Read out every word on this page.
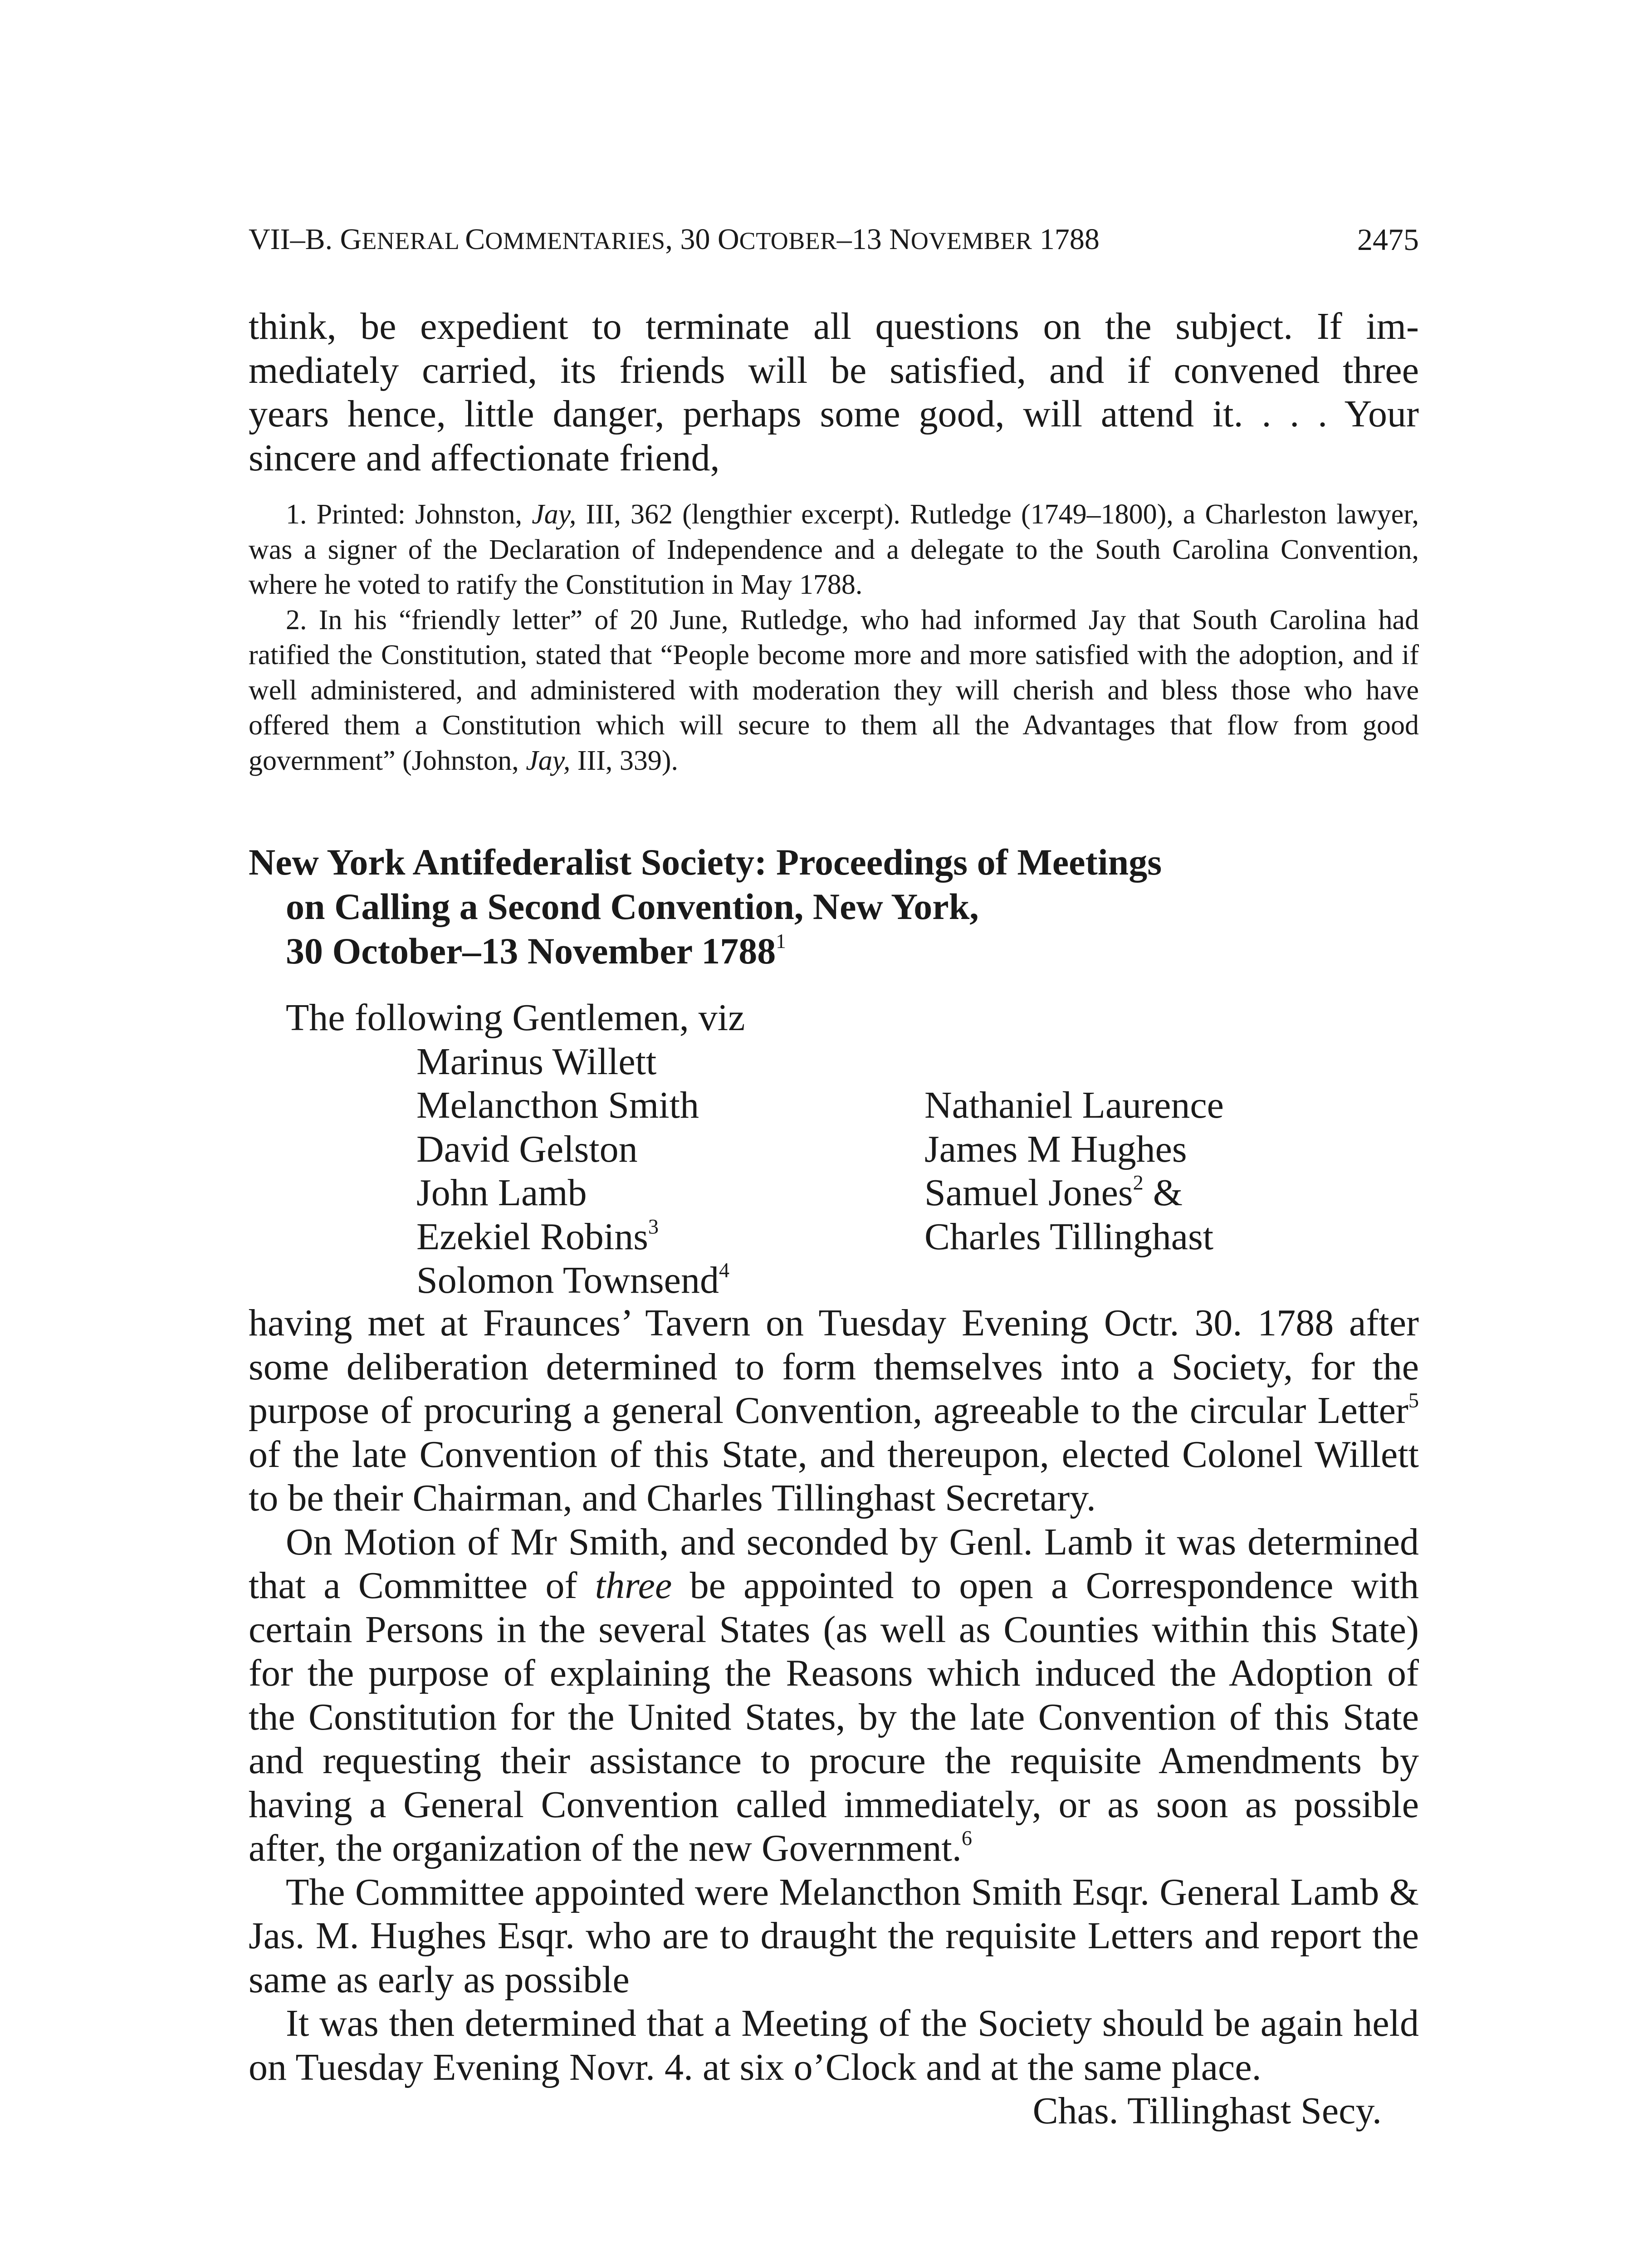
VII–B. GENERAL COMMENTARIES, 30 OCTOBER–13 NOVEMBER 1788	2475
think, be expedient to terminate all questions on the subject. If im-
mediately carried, its friends will be satisfied, and if convened three
years hence, little danger, perhaps some good, will attend it. . . . Your
sincere and affectionate friend,

1. Printed: Johnston, Jay, III, 362 (lengthier excerpt). Rutledge (1749–1800), a Charleston lawyer, was a signer of the Declaration of Independence and a delegate to the South Carolina Convention, where he voted to ratify the Constitution in May 1788.

2. In his “friendly letter” of 20 June, Rutledge, who had informed Jay that South Carolina had ratified the Constitution, stated that “People become more and more satisfied with the adoption, and if well administered, and administered with moderation they will cherish and bless those who have offered them a Constitution which will secure to them all the Advantages that flow from good government” (Johnston, Jay, III, 339).

New York Antifederalist Society: Proceedings of Meetings
on Calling a Second Convention, New York,
30 October–13 November 1788$^1$
The following Gentlemen, viz
Marinus Willett
Melancthon Smith	Nathaniel Laurence
David Gelston	James M Hughes
John Lamb	Samuel Jones$^2$ &
Ezekiel Robins$^3$	Charles Tillinghast
Solomon Townsend$^4$

having met at Fraunces’ Tavern on Tuesday Evening Octr. 30. 1788 after some deliberation determined to form themselves into a Society, for the purpose of procuring a general Convention, agreeable to the circular Letter$^5$ of the late Convention of this State, and thereupon, elected Colonel Willett to be their Chairman, and Charles Tillinghast Secretary.

On Motion of Mr Smith, and seconded by Genl. Lamb it was determined that a Committee of three be appointed to open a Correspondence with certain Persons in the several States (as well as Counties within this State) for the purpose of explaining the Reasons which induced the Adoption of the Constitution for the United States, by the late Convention of this State and requesting their assistance to procure the requisite Amendments by having a General Convention called immediately, or as soon as possible after, the organization of the new Government.$^6$

The Committee appointed were Melancthon Smith Esqr. General Lamb & Jas. M. Hughes Esqr. who are to draught the requisite Letters and report the same as early as possible

It was then determined that a Meeting of the Society should be again held on Tuesday Evening Novr. 4. at six o’Clock and at the same place.

Chas. Tillinghast Secy.
